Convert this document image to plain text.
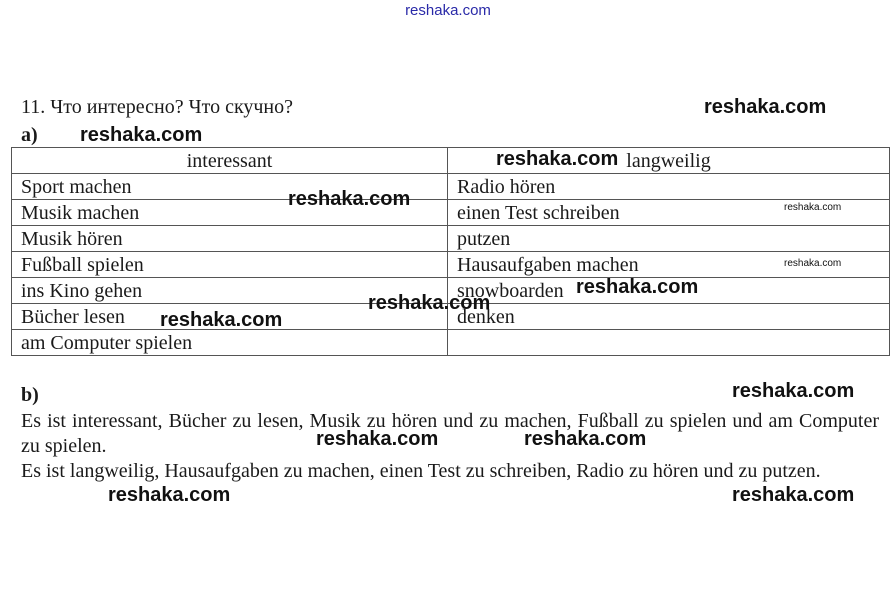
reshaka.com
11. Что интересно? Что скучно?
a)
interessant	langweilig
Sport machen	Radio hören
Musik machen	einen Test schreiben
Musik hören	putzen
Fußball spielen	Hausaufgaben machen
ins Kino gehen	snowboarden
Bücher lesen	denken
am Computer spielen	
b)
Es ist interessant, Bücher zu lesen, Musik zu hören und zu machen, Fußball zu spielen und am Computer zu spielen.
Es ist langweilig, Hausaufgaben zu machen, einen Test zu schreiben, Radio zu hören und zu putzen.
reshaka.com
reshaka.com
reshaka.com
reshaka.com	reshaka.com
reshaka.com
reshaka.com
reshaka.com
reshaka.com
reshaka.com
reshaka.com	reshaka.com
reshaka.com	reshaka.com
